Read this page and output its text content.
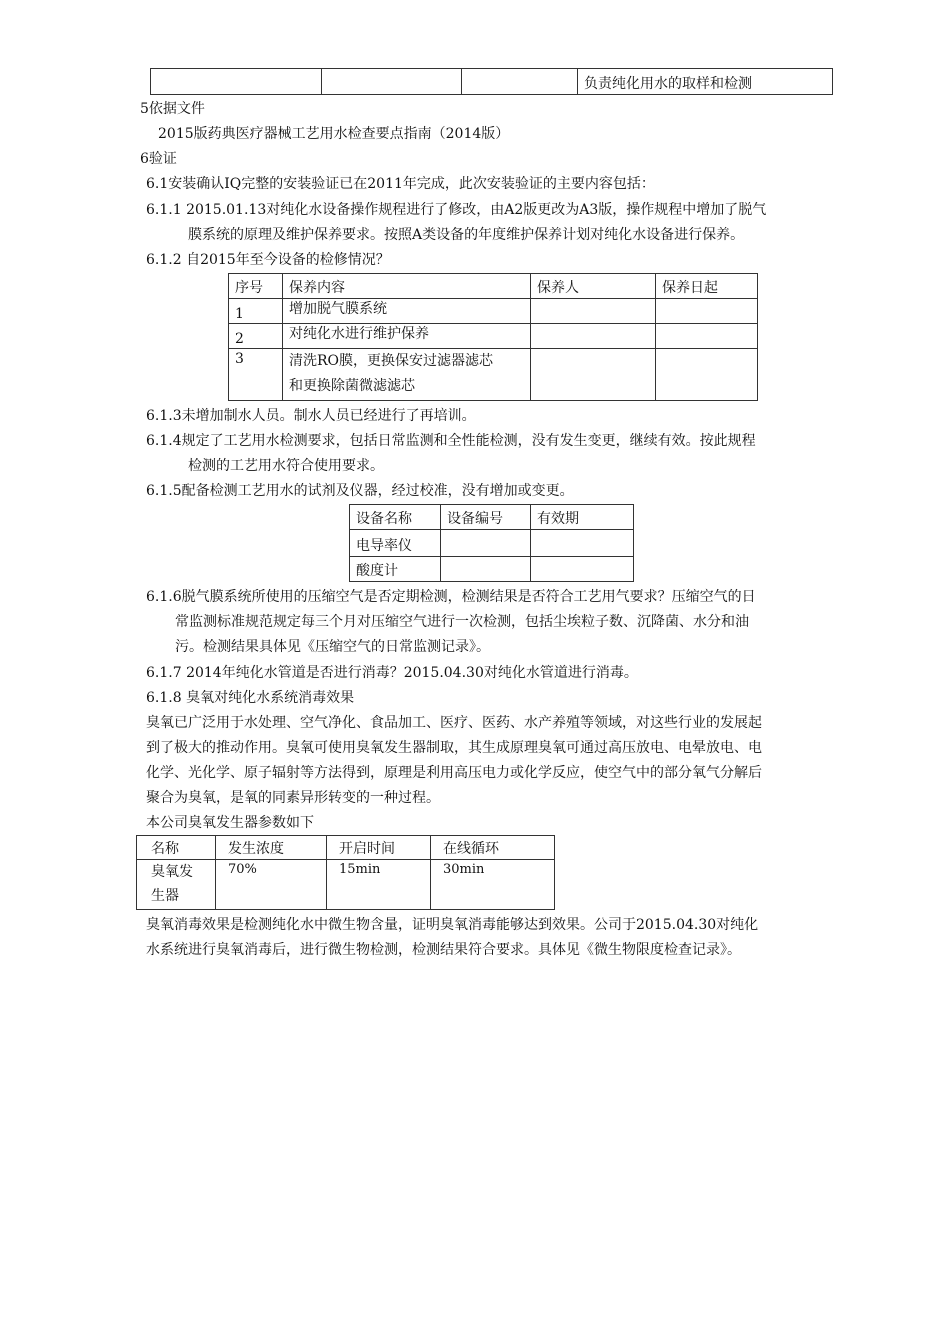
			负责纯化用水的取样和检测
5依据文件
2015版药典医疗器械工艺用水检查要点指南（2014版）
6验证
6.1安装确认IQ完整的安装验证已在2011年完成，此次安装验证的主要内容包括：
6.1.1 2015.01.13对纯化水设备操作规程进行了修改，由A2版更改为A3版，操作规程中增加了脱气
膜系统的原理及维护保养要求。按照A类设备的年度维护保养计划对纯化水设备进行保养。
6.1.2 自2015年至今设备的检修情况？
序号	保养内容	保养人	保养日起
1	增加脱气膜系统		
2	对纯化水进行维护保养		
3	清洗RO膜，更换保安过滤器滤芯
和更换除菌微滤滤芯		

6.1.3未增加制水人员。制水人员已经进行了再培训。
6.1.4规定了工艺用水检测要求，包括日常监测和全性能检测，没有发生变更，继续有效。按此规程
检测的工艺用水符合使用要求。
6.1.5配备检测工艺用水的试剂及仪器，经过校准，没有增加或变更。
设备名称	设备编号	有效期
电导率仪		
酸度计		
6.1.6脱气膜系统所使用的压缩空气是否定期检测，检测结果是否符合工艺用气要求？压缩空气的日
常监测标准规范规定每三个月对压缩空气进行一次检测，包括尘埃粒子数、沉降菌、水分和油
污。检测结果具体见《压缩空气的日常监测记录》。
6.1.7 2014年纯化水管道是否进行消毒？2015.04.30对纯化水管道进行消毒。
6.1.8 臭氧对纯化水系统消毒效果
臭氧已广泛用于水处理、空气净化、食品加工、医疗、医药、水产养殖等领域，对这些行业的发展起
到了极大的推动作用。臭氧可使用臭氧发生器制取，其生成原理臭氧可通过高压放电、电晕放电、电
化学、光化学、原子辐射等方法得到，原理是利用高压电力或化学反应，使空气中的部分氧气分解后
聚合为臭氧，是氧的同素异形转变的一种过程。
本公司臭氧发生器参数如下
名称	发生浓度	开启时间	在线循环

臭氧发
生器	70%	15min	30min
臭氧消毒效果是检测纯化水中微生物含量，证明臭氧消毒能够达到效果。公司于2015.04.30对纯化
水系统进行臭氧消毒后，进行微生物检测，检测结果符合要求。具体见《微生物限度检查记录》。
